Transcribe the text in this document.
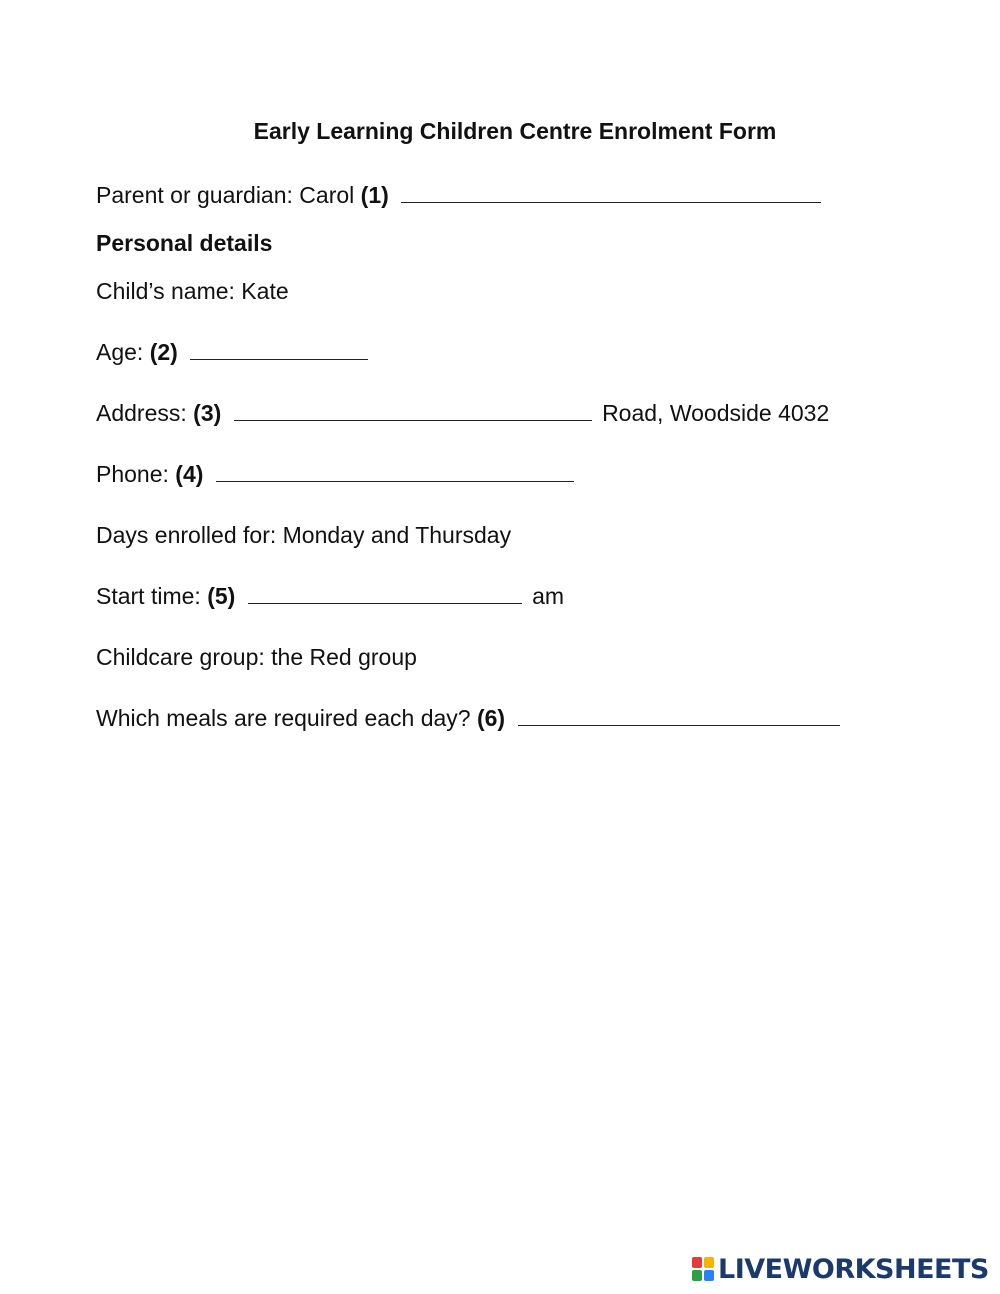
Early Learning Children Centre Enrolment Form
Parent or guardian: Carol (1)
Personal details
Child’s name: Kate
Age: (2)
Address: (3)	Road, Woodside 4032
Phone: (4)
Days enrolled for: Monday and Thursday
Start time: (5)	am
Childcare group: the Red group
Which meals are required each day? (6)
LIVEWORKSHEETS
